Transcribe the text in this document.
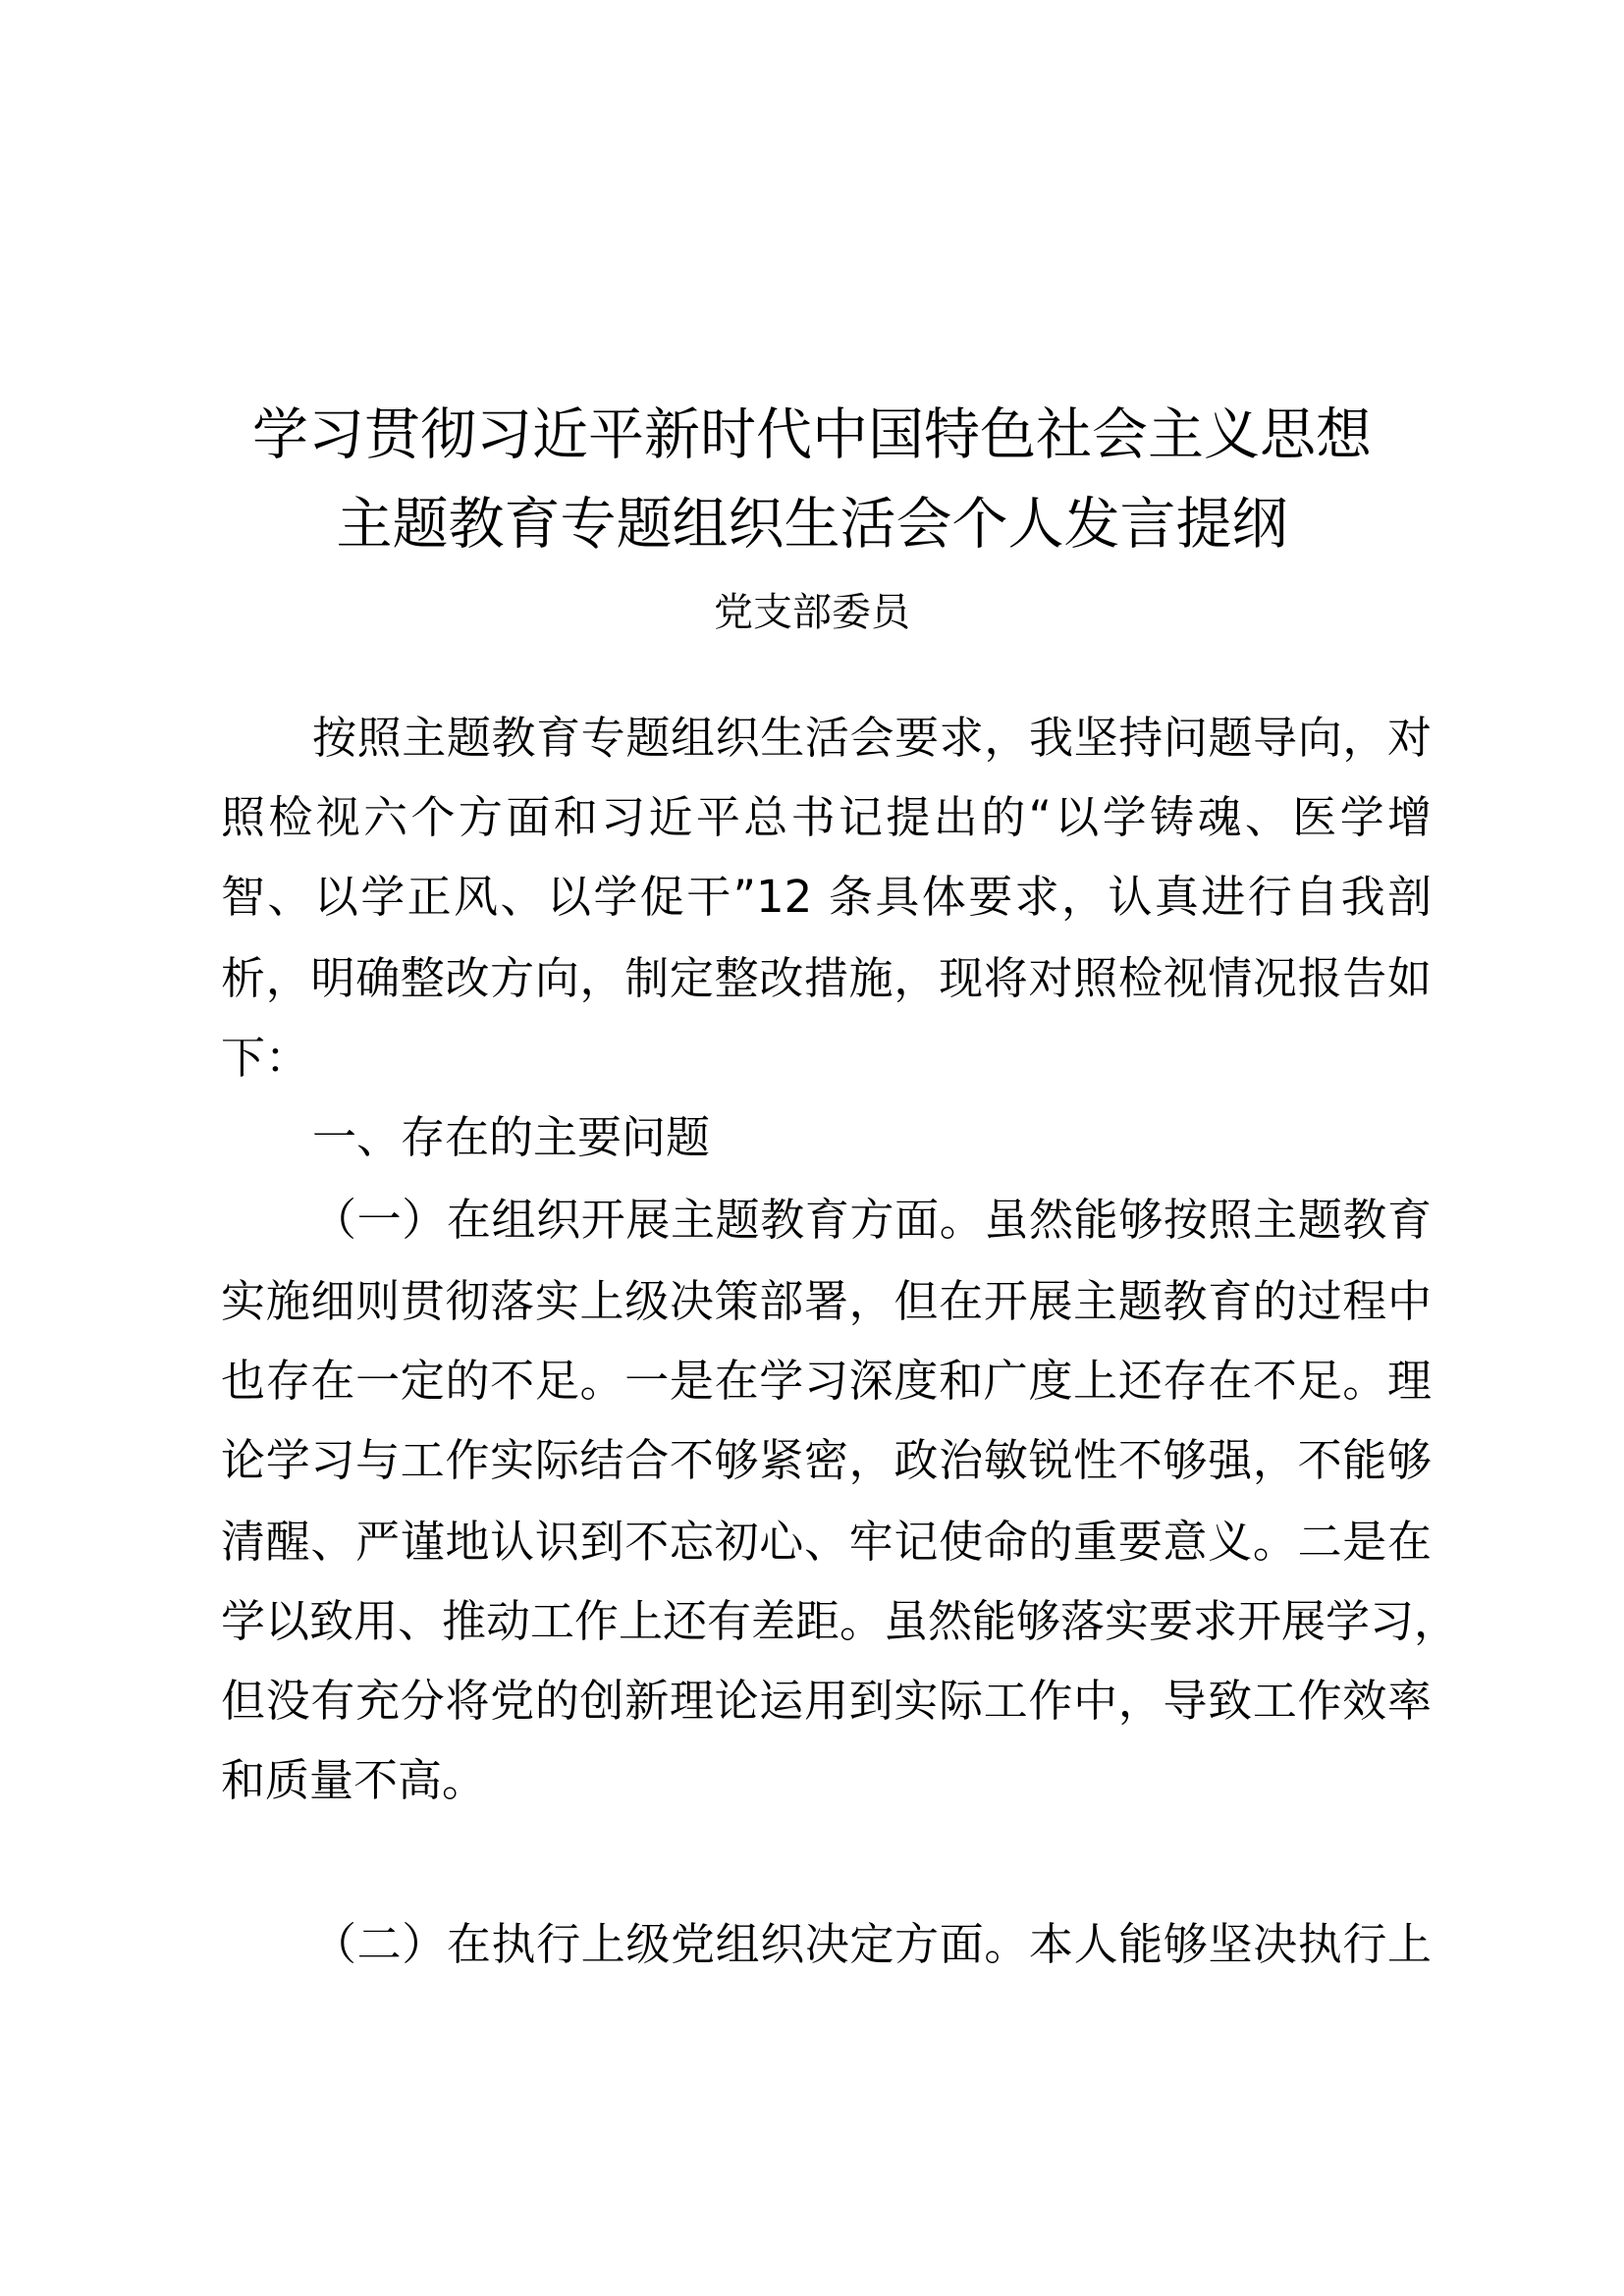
学习贯彻习近平新时代中国特色社会主义思想
主题教育专题组织生活会个人发言提纲
党支部委员
按照主题教育专题组织生活会要求，我坚持问题导向，对
照检视六个方面和习近平总书记提出的“以学铸魂、医学增
智、以学正风、以学促干”12 条具体要求，认真进行自我剖
析，明确整改方向，制定整改措施，现将对照检视情况报告如
下：
一、存在的主要问题
（一）在组织开展主题教育方面。虽然能够按照主题教育
实施细则贯彻落实上级决策部署，但在开展主题教育的过程中
也存在一定的不足。一是在学习深度和广度上还存在不足。理
论学习与工作实际结合不够紧密，政治敏锐性不够强，不能够
清醒、严谨地认识到不忘初心、牢记使命的重要意义。二是在
学以致用、推动工作上还有差距。虽然能够落实要求开展学习，
但没有充分将党的创新理论运用到实际工作中，导致工作效率
和质量不高。
（二）在执行上级党组织决定方面。本人能够坚决执行上
